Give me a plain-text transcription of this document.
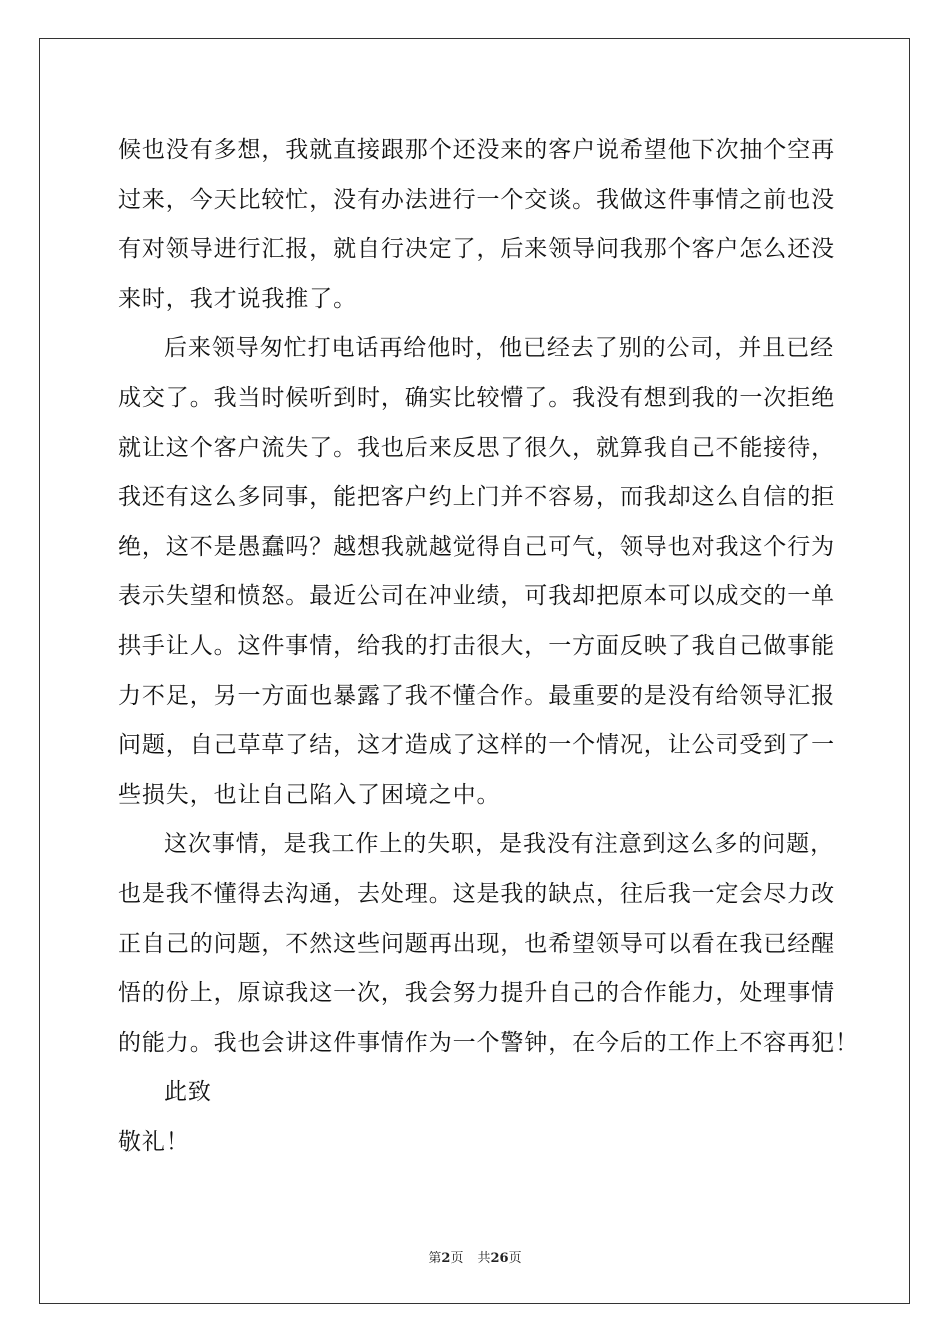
候也没有多想，我就直接跟那个还没来的客户说希望他下次抽个空再
过来，今天比较忙，没有办法进行一个交谈。我做这件事情之前也没
有对领导进行汇报，就自行决定了，后来领导问我那个客户怎么还没
来时，我才说我推了。
后来领导匆忙打电话再给他时，他已经去了别的公司，并且已经
成交了。我当时候听到时，确实比较懵了。我没有想到我的一次拒绝
就让这个客户流失了。我也后来反思了很久，就算我自己不能接待，
我还有这么多同事，能把客户约上门并不容易，而我却这么自信的拒
绝，这不是愚蠢吗？越想我就越觉得自己可气，领导也对我这个行为
表示失望和愤怒。最近公司在冲业绩，可我却把原本可以成交的一单
拱手让人。这件事情，给我的打击很大，一方面反映了我自己做事能
力不足，另一方面也暴露了我不懂合作。最重要的是没有给领导汇报
问题，自己草草了结，这才造成了这样的一个情况，让公司受到了一
些损失，也让自己陷入了困境之中。
这次事情，是我工作上的失职，是我没有注意到这么多的问题，
也是我不懂得去沟通，去处理。这是我的缺点，往后我一定会尽力改
正自己的问题，不然这些问题再出现，也希望领导可以看在我已经醒
悟的份上，原谅我这一次，我会努力提升自己的合作能力，处理事情
的能力。我也会讲这件事情作为一个警钟，在今后的工作上不容再犯！
此致
敬礼！
第2页 共26页
